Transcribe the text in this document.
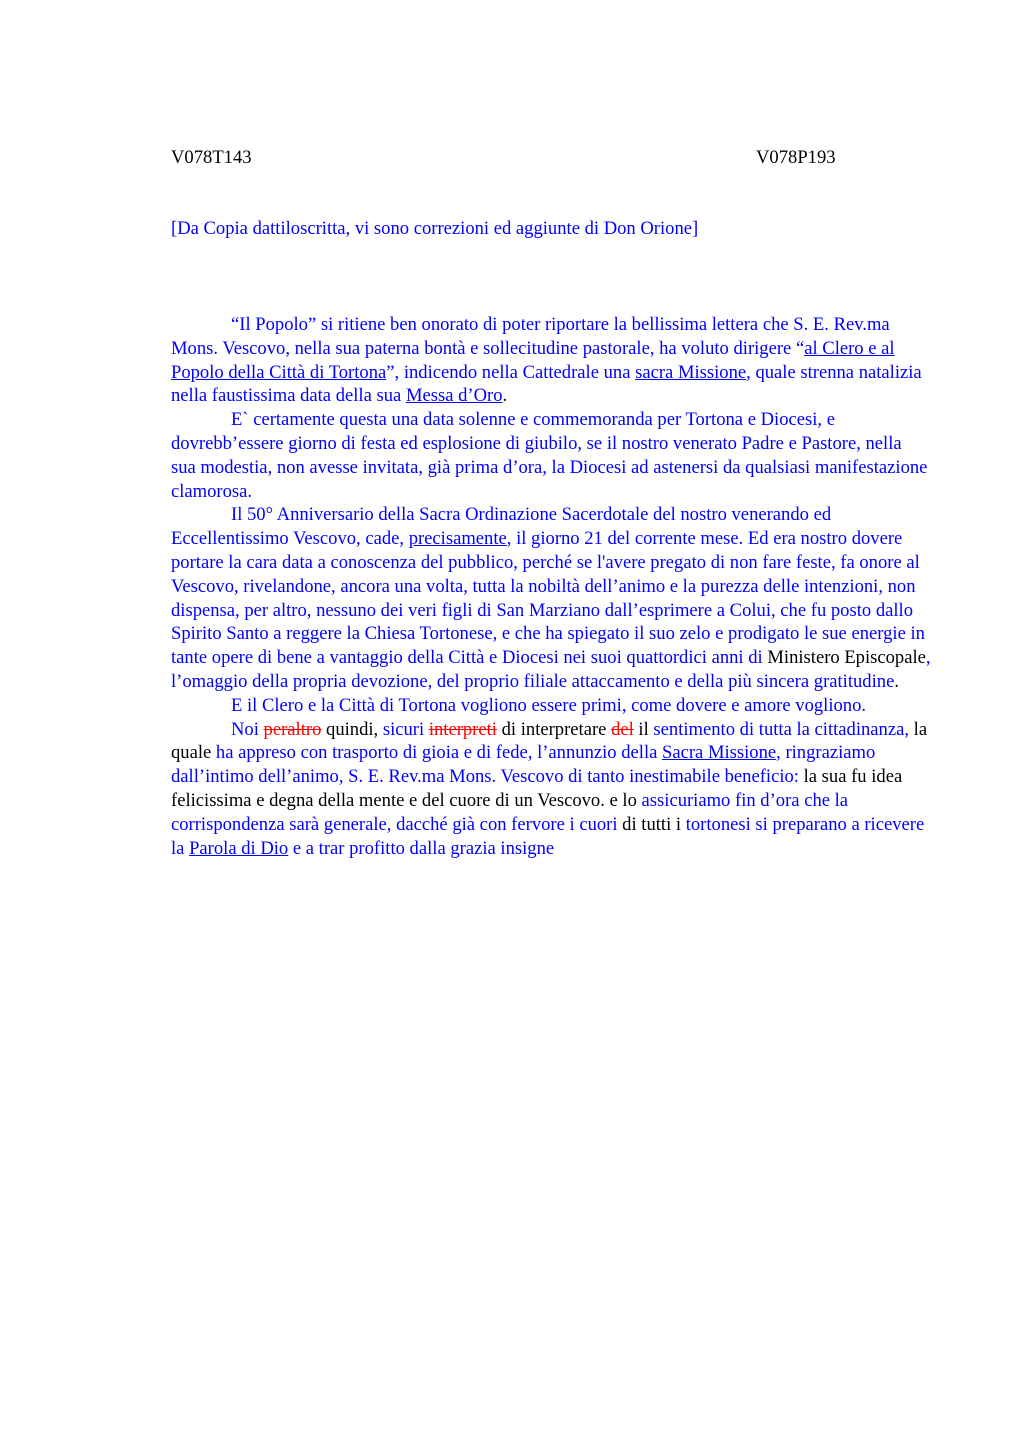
V078T143	V078P193
[Da Copia dattiloscritta, vi sono correzioni ed aggiunte di Don Orione]

“Il Popolo” si ritiene ben onorato di poter riportare la bellissima lettera che S. E. Rev.ma Mons. Vescovo, nella sua paterna bontà e sollecitudine pastorale, ha voluto dirigere “al Clero e al Popolo della Città di Tortona”, indicendo nella Cattedrale una sacra Missione, quale strenna natalizia nella faustissima data della sua Messa d’Oro.

E` certamente questa una data solenne e commemoranda per Tortona e Diocesi, e dovrebb’essere giorno di festa ed esplosione di giubilo, se il nostro venerato Padre e Pastore, nella sua modestia, non avesse invitata, già prima d’ora, la Diocesi ad astenersi da qualsiasi manifestazione clamorosa.

Il 50° Anniversario della Sacra Ordinazione Sacerdotale del nostro venerando ed Eccellentissimo Vescovo, cade, precisamente, il giorno 21 del corrente mese. Ed era nostro dovere portare la cara data a conoscenza del pubblico, perché se l'avere pregato di non fare feste, fa onore al Vescovo, rivelandone, ancora una volta, tutta la nobiltà dell’animo e la purezza delle intenzioni, non dispensa, per altro, nessuno dei veri figli di San Marziano dall’esprimere a Colui, che fu posto dallo Spirito Santo a reggere la Chiesa Tortonese, e che ha spiegato il suo zelo e prodigato le sue energie in tante opere di bene a vantaggio della Città e Diocesi nei suoi quattordici anni di Ministero Episcopale, l’omaggio della propria devozione, del proprio filiale attaccamento e della più sincera gratitudine.

E il Clero e la Città di Tortona vogliono essere primi, come dovere e amore vogliono.

Noi peraltro quindi, sicuri interpreti di interpretare del il sentimento di tutta la cittadinanza, la quale ha appreso con trasporto di gioia e di fede, l’annunzio della Sacra Missione, ringraziamo dall’intimo dell’animo, S. E. Rev.ma Mons. Vescovo di tanto inestimabile beneficio: la sua fu idea felicissima e degna della mente e del cuore di un Vescovo. e lo assicuriamo fin d’ora che la corrispondenza sarà generale, dacché già con fervore i cuori di tutti i tortonesi si preparano a ricevere la Parola di Dio e a trar profitto dalla grazia insigne
